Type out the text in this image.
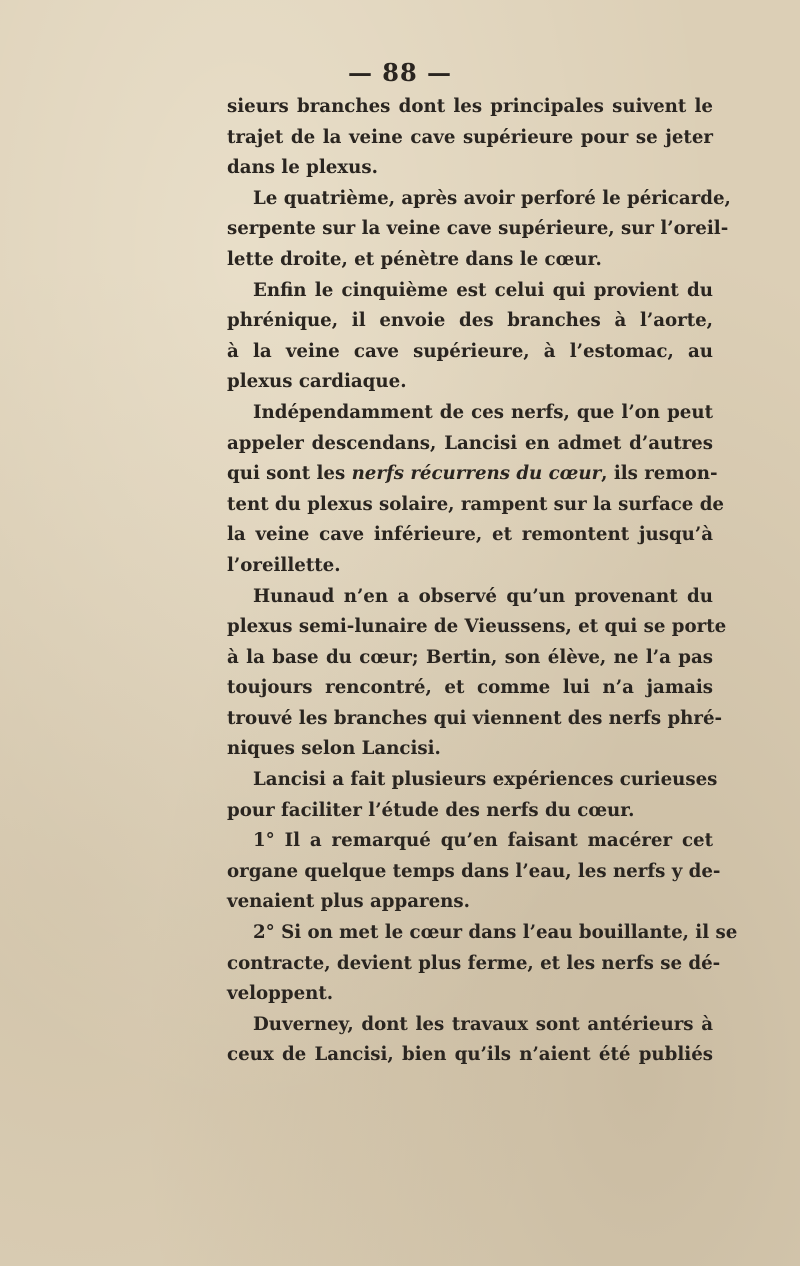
— 88 —

sieurs branches dont les principales suivent le
trajet de la veine cave supérieure pour se jeter
dans le plexus.

Le quatrième, après avoir perforé le péricarde,
serpente sur la veine cave supérieure, sur l’oreil-
lette droite, et pénètre dans le cœur.

Enfin le cinquième est celui qui provient du
phrénique, il envoie des branches à l’aorte,
à la veine cave supérieure, à l’estomac, au
plexus cardiaque.

Indépendamment de ces nerfs, que l’on peut
appeler descendans, Lancisi en admet d’autres
qui sont les nerfs récurrens du cœur, ils remon-
tent du plexus solaire, rampent sur la surface de
la veine cave inférieure, et remontent jusqu’à
l’oreillette.

Hunaud n’en a observé qu’un provenant du
plexus semi-lunaire de Vieussens, et qui se porte
à la base du cœur; Bertin, son élève, ne l’a pas
toujours rencontré, et comme lui n’a jamais
trouvé les branches qui viennent des nerfs phré-
niques selon Lancisi.

Lancisi a fait plusieurs expériences curieuses
pour faciliter l’étude des nerfs du cœur.

1° Il a remarqué qu’en faisant macérer cet
organe quelque temps dans l’eau, les nerfs y de-
venaient plus apparens.

2° Si on met le cœur dans l’eau bouillante, il se
contracte, devient plus ferme, et les nerfs se dé-
veloppent.

Duverney, dont les travaux sont antérieurs à
ceux de Lancisi, bien qu’ils n’aient été publiés
